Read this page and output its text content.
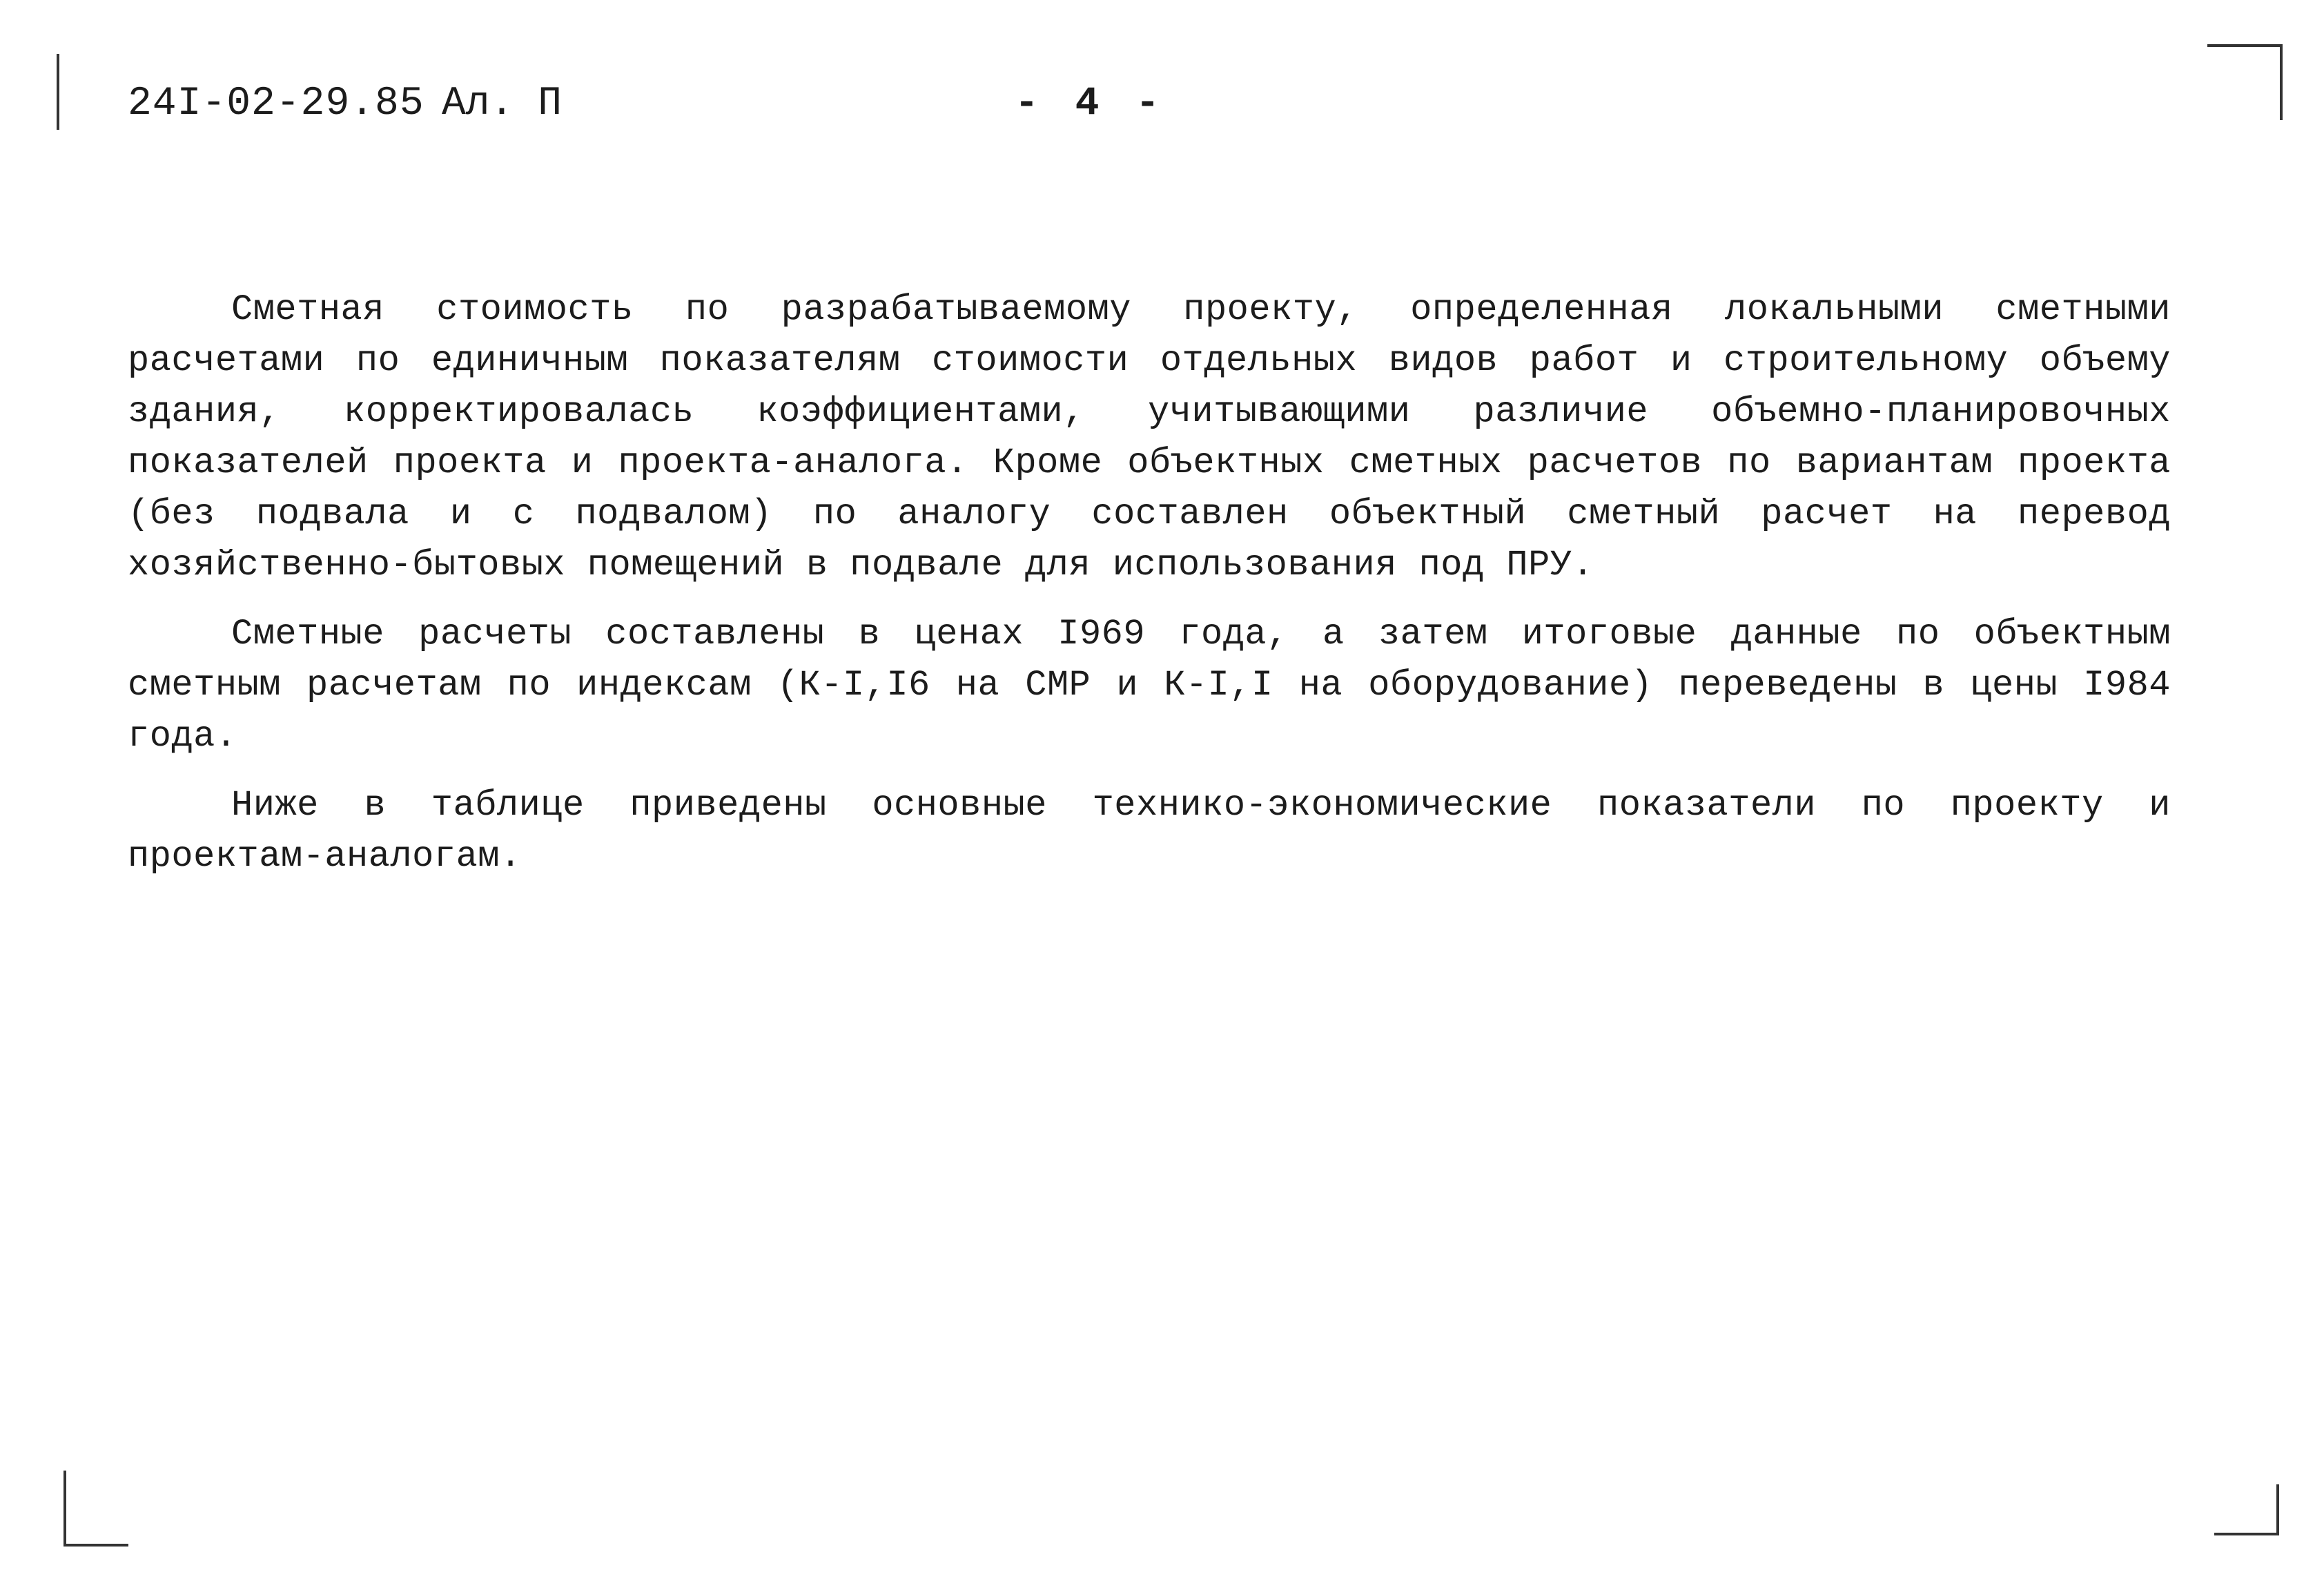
24I-02-29.85 Ал. П	- 4 -

Сметная стоимость по разрабатываемому проекту, определенная локальными сметными расчетами по единичным показателям стоимости отдельных видов работ и строительному объему здания, корректировалась коэффициентами, учитывающими различие объемно-планировочных показателей проекта и проекта-аналога. Кроме объектных сметных расчетов по вариантам проекта (без подвала и с подвалом) по аналогу составлен объектный сметный расчет на перевод хозяйственно-бытовых помещений в подвале для использования под ПРУ.

Сметные расчеты составлены в ценах I969 года, а затем итоговые данные по объектным сметным расчетам по индексам (К-I,I6 на СМР и К-I,I на оборудование) переведены в цены I984 года.

Ниже в таблице приведены основные технико-экономические показатели по проекту и проектам-аналогам.
